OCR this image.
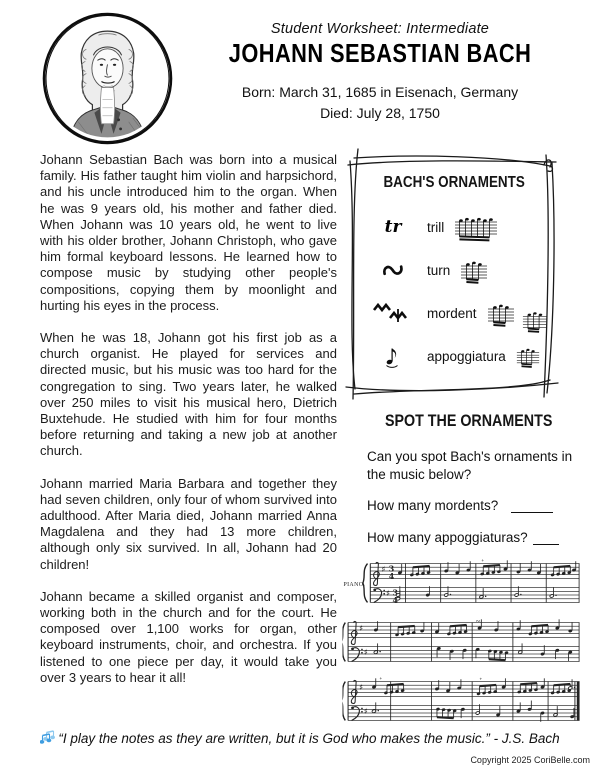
Student Worksheet: Intermediate
JOHANN SEBASTIAN BACH
Born: March 31, 1685 in Eisenach, Germany
Died: July 28, 1750

Johann Sebastian Bach was born into a musical family. His father taught him violin and harpsichord, and his uncle introduced him to the organ. When he was 9 years old, his mother and father died. When Johann was 10 years old, he went to live with his older brother, Johann Christoph, who gave him formal keyboard lessons. He learned how to compose music by studying other people's compositions, copying them by moonlight and hurting his eyes in the process.

When he was 18, Johann got his first job as a church organist. He played for services and directed music, but his music was too hard for the congregation to sing. Two years later, he walked over 250 miles to visit his musical hero, Dietrich Buxtehude. He studied with him for four months before returning and taking a new job at another church.

Johann married Maria Barbara and together they had seven children, only four of whom survived into adulthood. After Maria died, Johann married Anna Magdalena and they had 13 more children, although only six survived. In all, Johann had 20 children!

Johann became a skilled organist and composer, working both in the church and for the court. He composed over 1,100 works for organ, other keyboard instruments, choir, and orchestra. If you listened to one piece per day, it would take you over 3 years to hear it all!

BACH'S ORNAMENTS
tr trill
turn
mordent
appoggiatura
SPOT THE ORNAMENTS
Can you spot Bach's ornaments in the music below?
How many mordents?
How many appoggiaturas?
PIANO.
+
∾.
+	+
“I play the notes as they are written, but it is God who makes the music.” - J.S. Bach
Copyright 2025 CoriBelle.com
